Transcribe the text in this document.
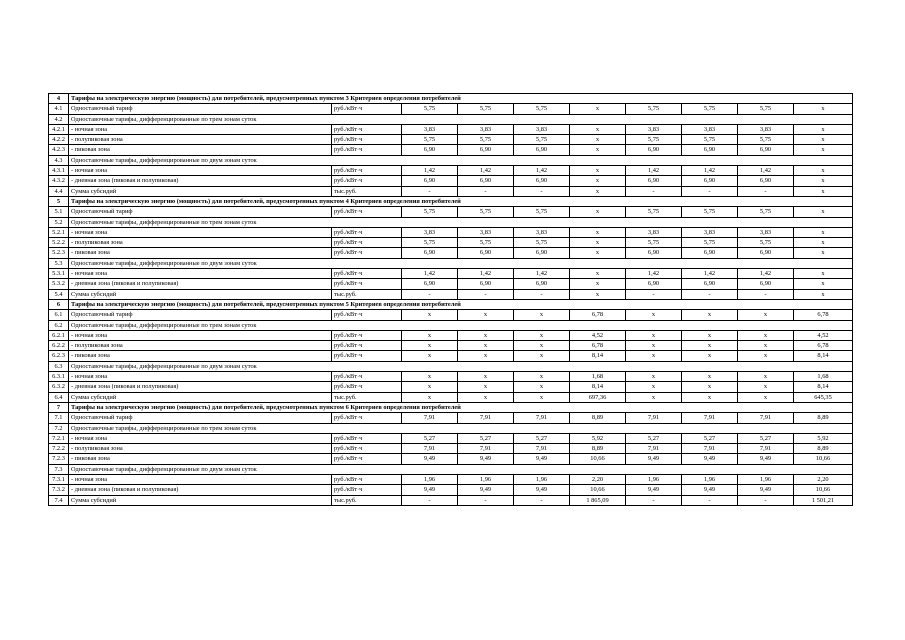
4	Тарифы на электрическую энергию (мощность) для потребителей, предусмотренных пунктом 3 Критериев определения потребителей									
4.1	Одноставочный тариф	руб./кВт·ч	5,75	5,75	5,75	x	5,75	5,75	5,75	x
4.2	Одноставочные тарифы, дифференцированные по трем зонам суток									
4.2.1	- ночная зона	руб./кВт·ч	3,83	3,83	3,83	x	3,83	3,83	3,83	x
4.2.2	- полупиковая зона	руб./кВт·ч	5,75	5,75	5,75	x	5,75	5,75	5,75	x
4.2.3	- пиковая зона	руб./кВт·ч	6,90	6,90	6,90	x	6,90	6,90	6,90	x
4.3	Одноставочные тарифы, дифференцированные по двум зонам суток									
4.3.1	- ночная зона	руб./кВт·ч	1,42	1,42	1,42	x	1,42	1,42	1,42	x
4.3.2	- дневная зона (пиковая и полупиковая)	руб./кВт·ч	6,90	6,90	6,90	x	6,90	6,90	6,90	x
4.4	Сумма субсидий	тыс.руб.	-	-	-	x	-	-	-	x
5	Тарифы на электрическую энергию (мощность) для потребителей, предусмотренных пунктом 4 Критериев определения потребителей									
5.1	Одноставочный тариф	руб./кВт·ч	5,75	5,75	5,75	x	5,75	5,75	5,75	x
5.2	Одноставочные тарифы, дифференцированные по трем зонам суток									
5.2.1	- ночная зона	руб./кВт·ч	3,83	3,83	3,83	x	3,83	3,83	3,83	x
5.2.2	- полупиковая зона	руб./кВт·ч	5,75	5,75	5,75	x	5,75	5,75	5,75	x
5.2.3	- пиковая зона	руб./кВт·ч	6,90	6,90	6,90	x	6,90	6,90	6,90	x
5.3	Одноставочные тарифы, дифференцированные по двум зонам суток									
5.3.1	- ночная зона	руб./кВт·ч	1,42	1,42	1,42	x	1,42	1,42	1,42	x
5.3.2	- дневная зона (пиковая и полупиковая)	руб./кВт·ч	6,90	6,90	6,90	x	6,90	6,90	6,90	x
5.4	Сумма субсидий	тыс.руб.	-	-	-	x	-	-	-	x
6	Тарифы на электрическую энергию (мощность) для потребителей, предусмотренных пунктом 5 Критериев определения потребителей									
6.1	Одноставочный тариф	руб./кВт·ч	x	x	x	6,78	x	x	x	6,78
6.2	Одноставочные тарифы, дифференцированные по трем зонам суток									
6.2.1	- ночная зона	руб./кВт·ч	x	x	x	4,52	x	x	x	4,52
6.2.2	- полупиковая зона	руб./кВт·ч	x	x	x	6,78	x	x	x	6,78
6.2.3	- пиковая зона	руб./кВт·ч	x	x	x	8,14	x	x	x	8,14
6.3	Одноставочные тарифы, дифференцированные по двум зонам суток									
6.3.1	- ночная зона	руб./кВт·ч	x	x	x	1,68	x	x	x	1,68
6.3.2	- дневная зона (пиковая и полупиковая)	руб./кВт·ч	x	x	x	8,14	x	x	x	8,14
6.4	Сумма субсидий	тыс.руб.	x	x	x	697,36	x	x	x	645,35
7	Тарифы на электрическую энергию (мощность) для потребителей, предусмотренных пунктом 6 Критериев определения потребителей									
7.1	Одноставочный тариф	руб./кВт·ч	7,91	7,91	7,91	8,89	7,91	7,91	7,91	8,89
7.2	Одноставочные тарифы, дифференцированные по трем зонам суток									
7.2.1	- ночная зона	руб./кВт·ч	5,27	5,27	5,27	5,92	5,27	5,27	5,27	5,92
7.2.2	- полупиковая зона	руб./кВт·ч	7,91	7,91	7,91	8,89	7,91	7,91	7,91	8,89
7.2.3	- пиковая зона	руб./кВт·ч	9,49	9,49	9,49	10,66	9,49	9,49	9,49	10,66
7.3	Одноставочные тарифы, дифференцированные по двум зонам суток									
7.3.1	- ночная зона	руб./кВт·ч	1,96	1,96	1,96	2,20	1,96	1,96	1,96	2,20
7.3.2	- дневная зона (пиковая и полупиковая)	руб./кВт·ч	9,49	9,49	9,49	10,66	9,49	9,49	9,49	10,66
7.4	Сумма субсидий	тыс.руб.	-	-	-	1 865,09	-	-	-	1 501,21
